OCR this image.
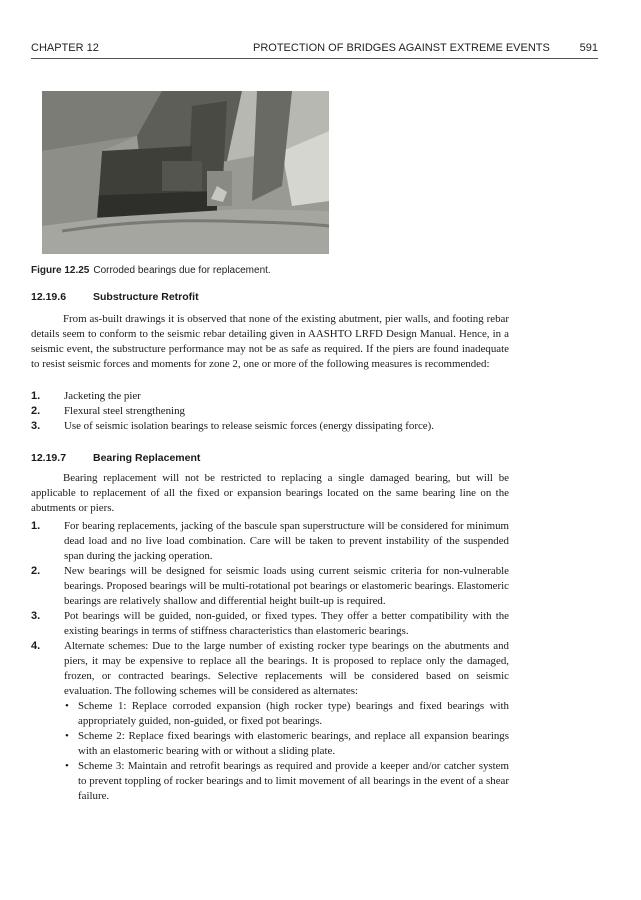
CHAPTER 12	PROTECTION OF BRIDGES AGAINST EXTREME EVENTS	591
Figure 12.25 Corroded bearings due for replacement.
12.19.6	Substructure Retrofit

From as-built drawings it is observed that none of the existing abutment, pier walls, and footing rebar details seem to conform to the seismic rebar detailing given in AASHTO LRFD Design Manual. Hence, in a seismic event, the substructure performance may not be as safe as required. If the piers are found inadequate to resist seismic forces and moments for zone 2, one or more of the following measures is recommended:

1. Jacketing the pier
2. Flexural steel strengthening
3. Use of seismic isolation bearings to release seismic forces (energy dissipating force).
12.19.7	Bearing Replacement

Bearing replacement will not be restricted to replacing a single damaged bearing, but will be applicable to replacement of all the fixed or expansion bearings located on the same bearing line on the abutments or piers.

1. For bearing replacements, jacking of the bascule span superstructure will be considered for minimum dead load and no live load combination. Care will be taken to prevent instability of the suspended span during the jacking operation.
2. New bearings will be designed for seismic loads using current seismic criteria for non-vulnerable bearings. Proposed bearings will be multi-rotational pot bearings or elastomeric bearings. Elastomeric bearings are relatively shallow and differential height built-up is required.
3. Pot bearings will be guided, non-guided, or fixed types. They offer a better compatibility with the existing bearings in terms of stiffness characteristics than elastomeric bearings.
4. Alternate schemes: Due to the large number of existing rocker type bearings on the abutments and piers, it may be expensive to replace all the bearings. It is proposed to replace only the damaged, frozen, or contracted bearings. Selective replacements will be considered based on seismic evaluation. The following schemes will be considered as alternates:
• Scheme 1: Replace corroded expansion (high rocker type) bearings and fixed bearings with appropriately guided, non-guided, or fixed pot bearings.
• Scheme 2: Replace fixed bearings with elastomeric bearings, and replace all expansion bearings with an elastomeric bearing with or without a sliding plate.
• Scheme 3: Maintain and retrofit bearings as required and provide a keeper and/or catcher system to prevent toppling of rocker bearings and to limit movement of all bearings in the event of a shear failure.
